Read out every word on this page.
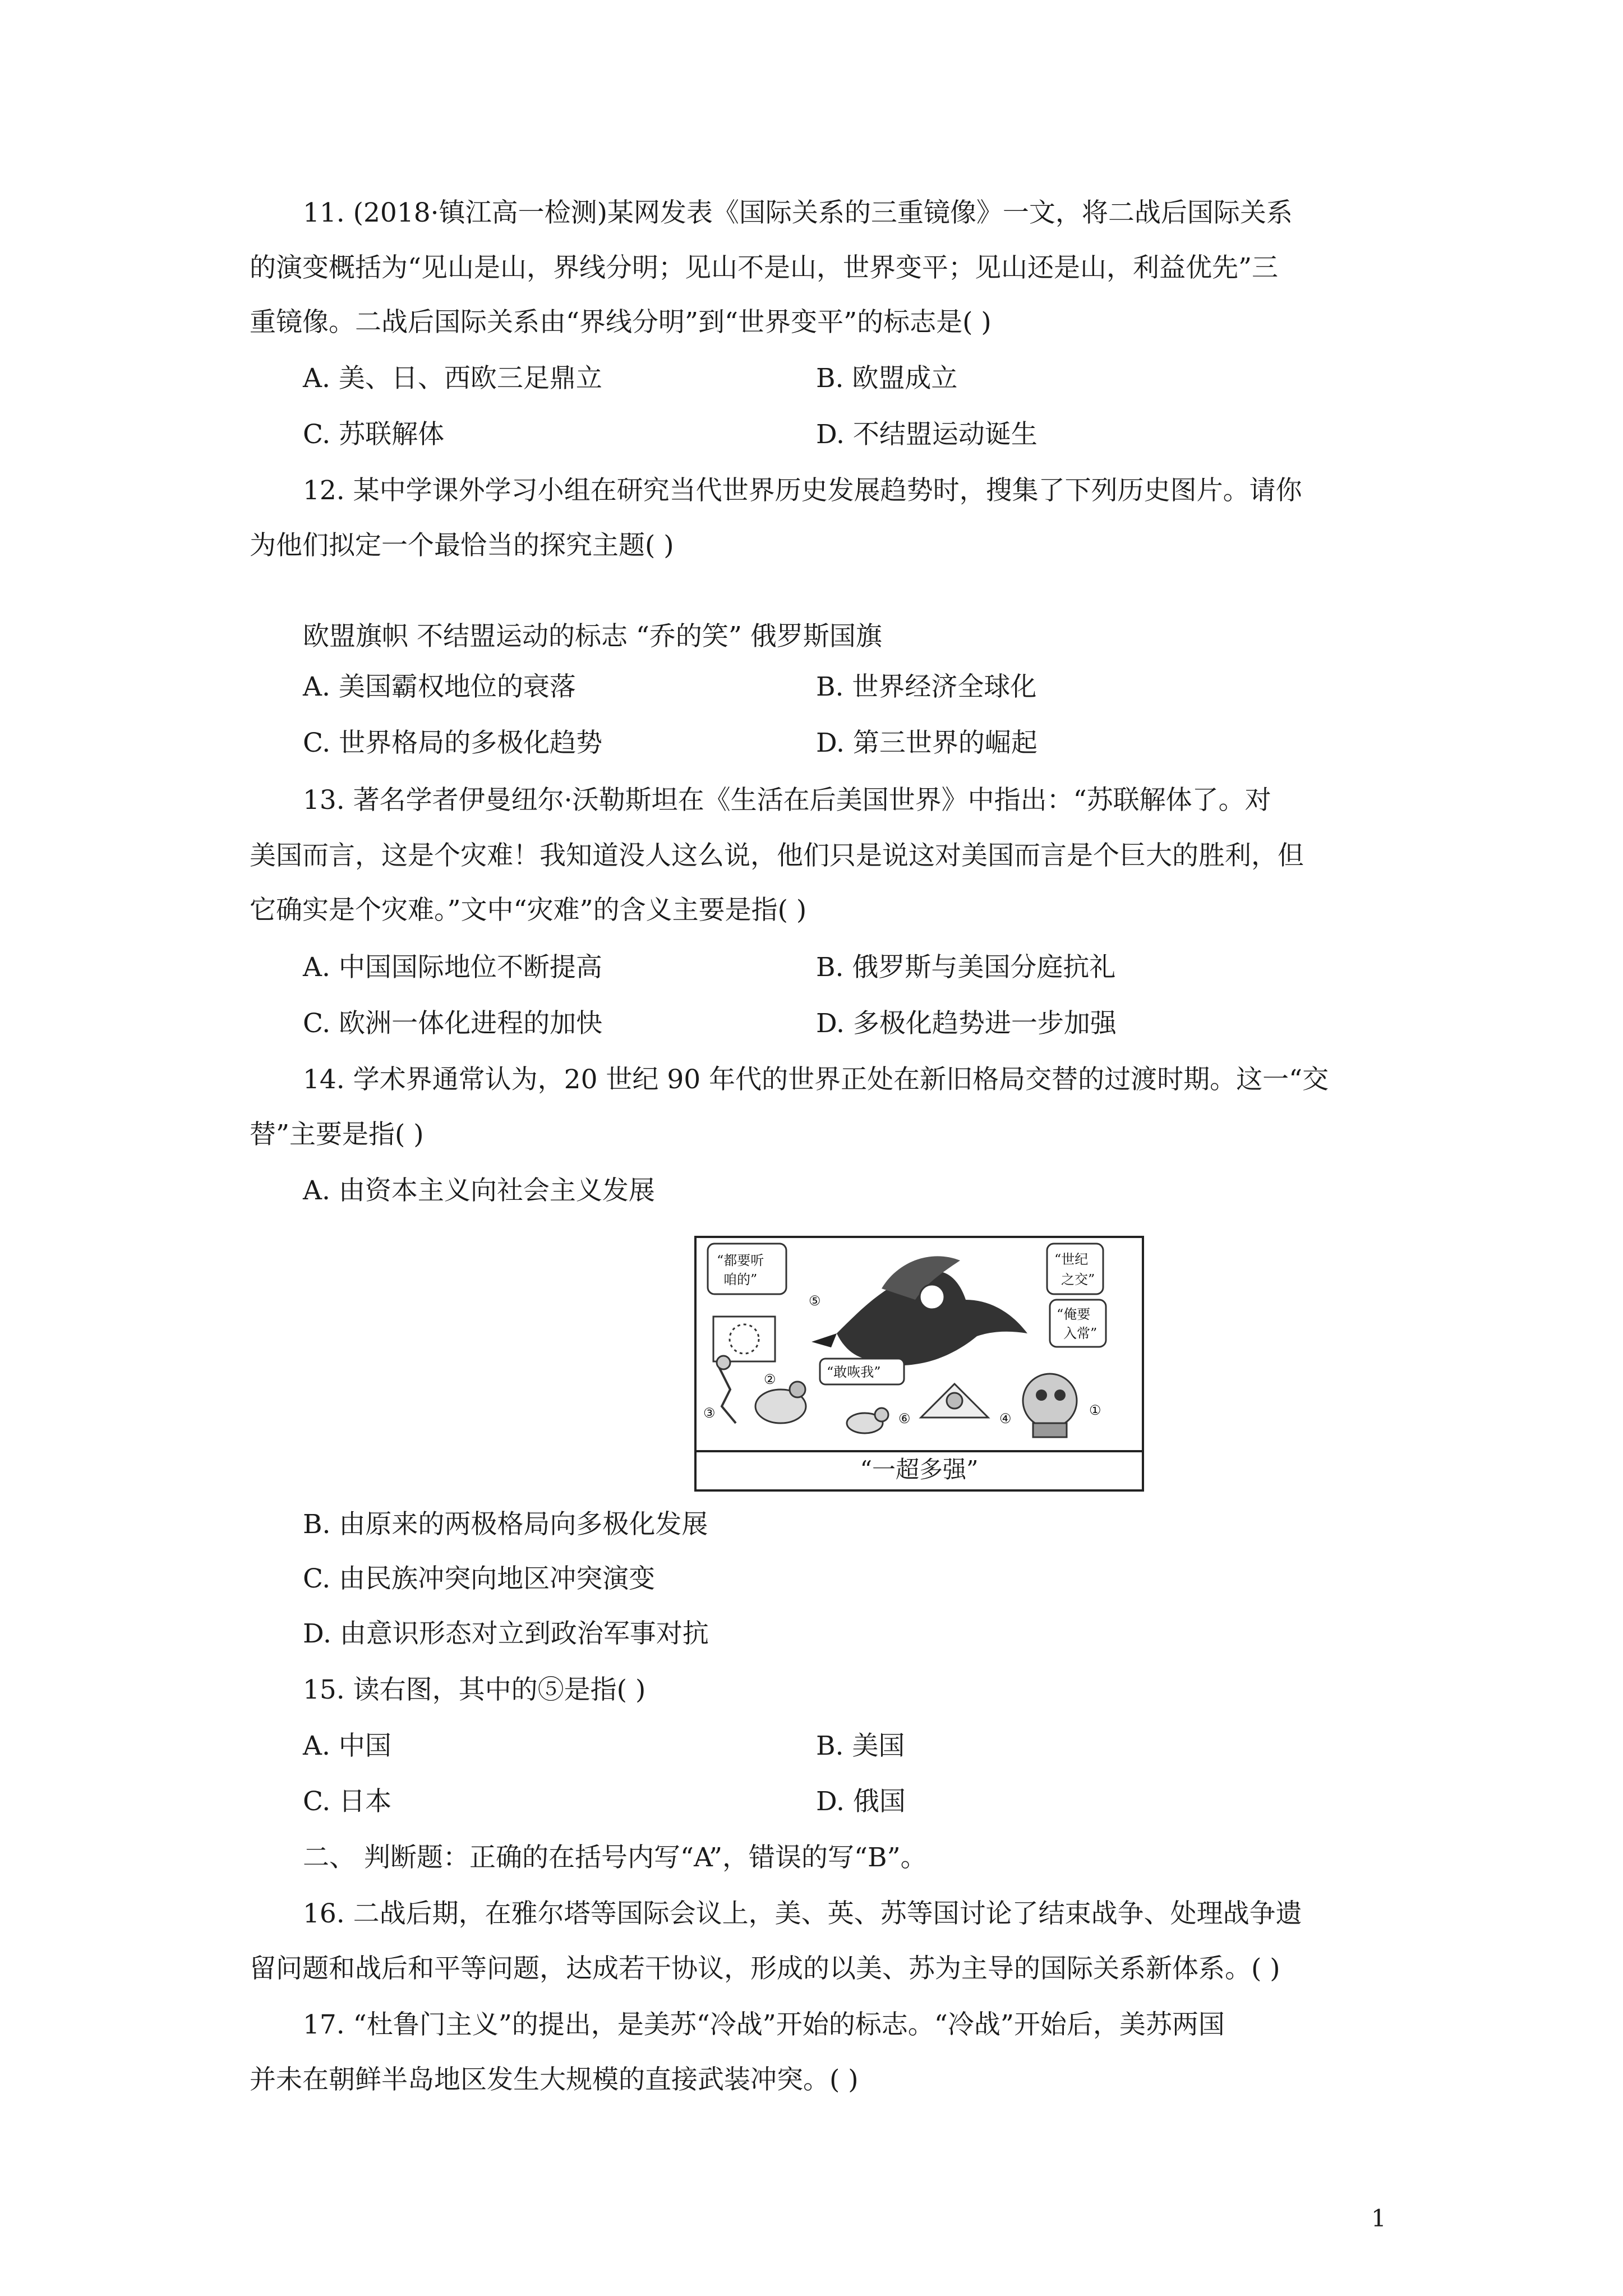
11. (2018·镇江高一检测)某网发表《国际关系的三重镜像》一文，将二战后国际关系
的演变概括为“见山是山，界线分明；见山不是山，世界变平；见山还是山，利益优先”三
重镜像。二战后国际关系由“界线分明”到“世界变平”的标志是( )
A. 美、日、西欧三足鼎立	B. 欧盟成立
C. 苏联解体	D. 不结盟运动诞生
12. 某中学课外学习小组在研究当代世界历史发展趋势时，搜集了下列历史图片。请你
为他们拟定一个最恰当的探究主题( )
欧盟旗帜 不结盟运动的标志 “乔的笑” 俄罗斯国旗
A. 美国霸权地位的衰落	B. 世界经济全球化
C. 世界格局的多极化趋势	D. 第三世界的崛起
13. 著名学者伊曼纽尔·沃勒斯坦在《生活在后美国世界》中指出：“苏联解体了。对
美国而言，这是个灾难！我知道没人这么说，他们只是说这对美国而言是个巨大的胜利，但
它确实是个灾难。”文中“灾难”的含义主要是指( )
A. 中国国际地位不断提高	B. 俄罗斯与美国分庭抗礼
C. 欧洲一体化进程的加快	D. 多极化趋势进一步加强
14. 学术界通常认为，20 世纪 90 年代的世界正处在新旧格局交替的过渡时期。这一“交
替”主要是指( )
A. 由资本主义向社会主义发展
“都要听
咱的”
“世纪
之交”
“俺要
入常”
“敢咴我”
①
②
③	④
⑤
⑥
“一超多强”
B. 由原来的两极格局向多极化发展
C. 由民族冲突向地区冲突演变
D. 由意识形态对立到政治军事对抗
15. 读右图，其中的⑤是指( )
A. 中国	B. 美国
C. 日本	D. 俄国
二、 判断题：正确的在括号内写“A”，错误的写“B”。
16. 二战后期，在雅尔塔等国际会议上，美、英、苏等国讨论了结束战争、处理战争遗
留问题和战后和平等问题，达成若干协议，形成的以美、苏为主导的国际关系新体系。( )
17. “杜鲁门主义”的提出，是美苏“冷战”开始的标志。“冷战”开始后，美苏两国
并未在朝鲜半岛地区发生大规模的直接武装冲突。( )
1
